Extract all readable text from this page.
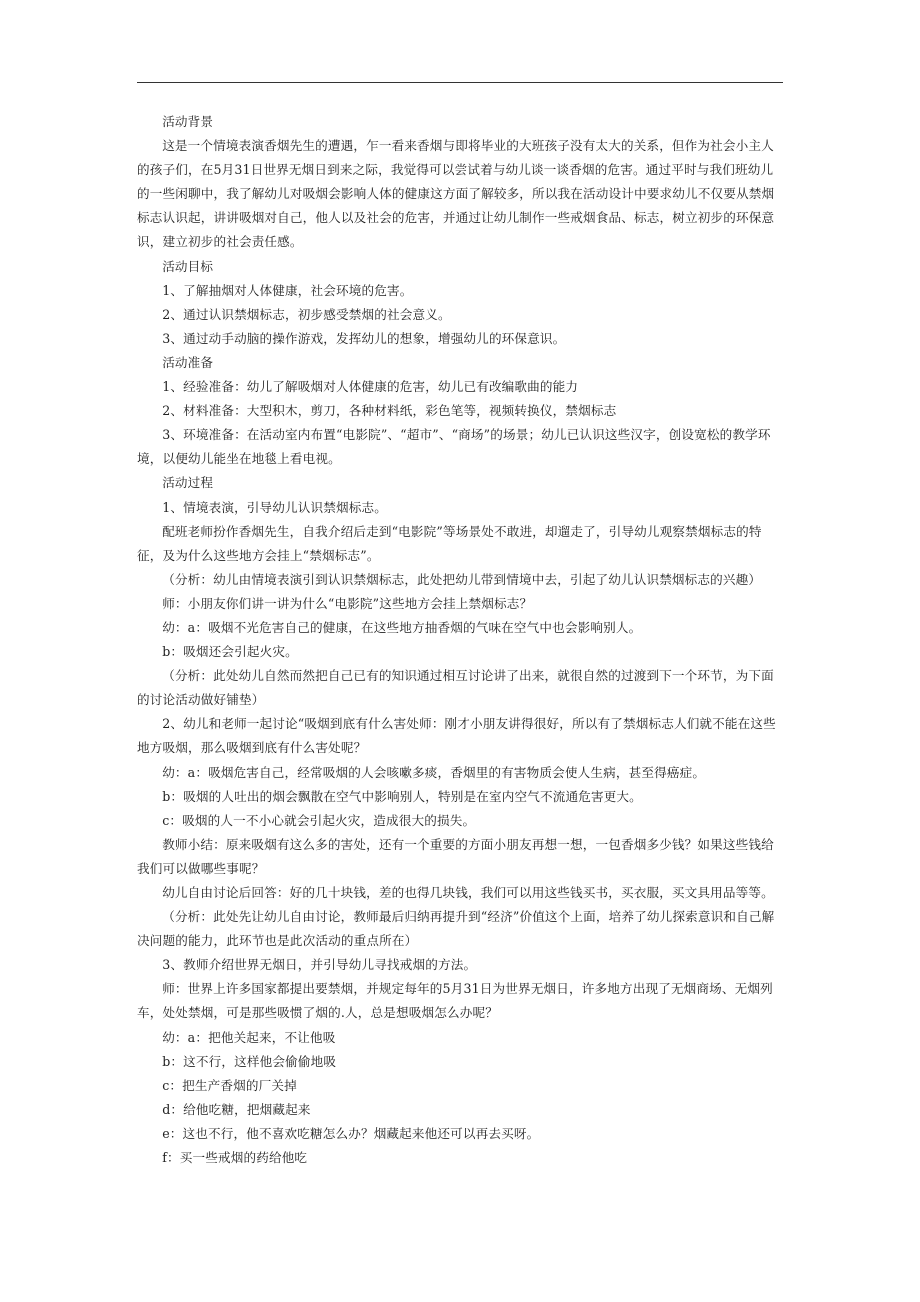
活动背景

这是一个情境表演香烟先生的遭遇，乍一看来香烟与即将毕业的大班孩子没有太大的关系，但作为社会小主人的孩子们，在5月31日世界无烟日到来之际，我觉得可以尝试着与幼儿谈一谈香烟的危害。通过平时与我们班幼儿的一些闲聊中，我了解幼儿对吸烟会影响人体的健康这方面了解较多，所以我在活动设计中要求幼儿不仅要从禁烟标志认识起，讲讲吸烟对自己，他人以及社会的危害，并通过让幼儿制作一些戒烟食品、标志，树立初步的环保意识，建立初步的社会责任感。

活动目标

1、了解抽烟对人体健康，社会环境的危害。

2、通过认识禁烟标志，初步感受禁烟的社会意义。

3、通过动手动脑的操作游戏，发挥幼儿的想象，增强幼儿的环保意识。

活动准备

1、经验准备：幼儿了解吸烟对人体健康的危害，幼儿已有改编歌曲的能力

2、材料准备：大型积木，剪刀，各种材料纸，彩色笔等，视频转换仪，禁烟标志

3、环境准备：在活动室内布置“电影院”、“超市”、“商场”的场景；幼儿已认识这些汉字，创设宽松的教学环境，以便幼儿能坐在地毯上看电视。

活动过程

1、情境表演，引导幼儿认识禁烟标志。

配班老师扮作香烟先生，自我介绍后走到“电影院”等场景处不敢进，却遛走了，引导幼儿观察禁烟标志的特征，及为什么这些地方会挂上“禁烟标志”。

（分析：幼儿由情境表演引到认识禁烟标志，此处把幼儿带到情境中去，引起了幼儿认识禁烟标志的兴趣）

师：小朋友你们讲一讲为什么“电影院”这些地方会挂上禁烟标志？

幼：a：吸烟不光危害自己的健康，在这些地方抽香烟的气味在空气中也会影响别人。

b：吸烟还会引起火灾。

（分析：此处幼儿自然而然把自己已有的知识通过相互讨论讲了出来，就很自然的过渡到下一个环节，为下面的讨论活动做好铺垫）

2、幼儿和老师一起讨论“吸烟到底有什么害处师：刚才小朋友讲得很好，所以有了禁烟标志人们就不能在这些地方吸烟，那么吸烟到底有什么害处呢？

幼：a：吸烟危害自己，经常吸烟的人会咳嗽多痰，香烟里的有害物质会使人生病，甚至得癌症。

b：吸烟的人吐出的烟会飘散在空气中影响别人，特别是在室内空气不流通危害更大。

c：吸烟的人一不小心就会引起火灾，造成很大的损失。

教师小结：原来吸烟有这么多的害处，还有一个重要的方面小朋友再想一想，一包香烟多少钱？如果这些钱给我们可以做哪些事呢？

幼儿自由讨论后回答：好的几十块钱，差的也得几块钱，我们可以用这些钱买书，买衣服，买文具用品等等。

（分析：此处先让幼儿自由讨论，教师最后归纳再提升到“经济”价值这个上面，培养了幼儿探索意识和自己解决问题的能力，此环节也是此次活动的重点所在）

3、教师介绍世界无烟日，并引导幼儿寻找戒烟的方法。

师：世界上许多国家都提出要禁烟，并规定每年的5月31日为世界无烟日，许多地方出现了无烟商场、无烟列车，处处禁烟，可是那些吸惯了烟的.人，总是想吸烟怎么办呢？

幼：a：把他关起来，不让他吸

b：这不行，这样他会偷偷地吸

c：把生产香烟的厂关掉

d：给他吃糖，把烟藏起来

e：这也不行，他不喜欢吃糖怎么办？烟藏起来他还可以再去买呀。

f：买一些戒烟的药给他吃
